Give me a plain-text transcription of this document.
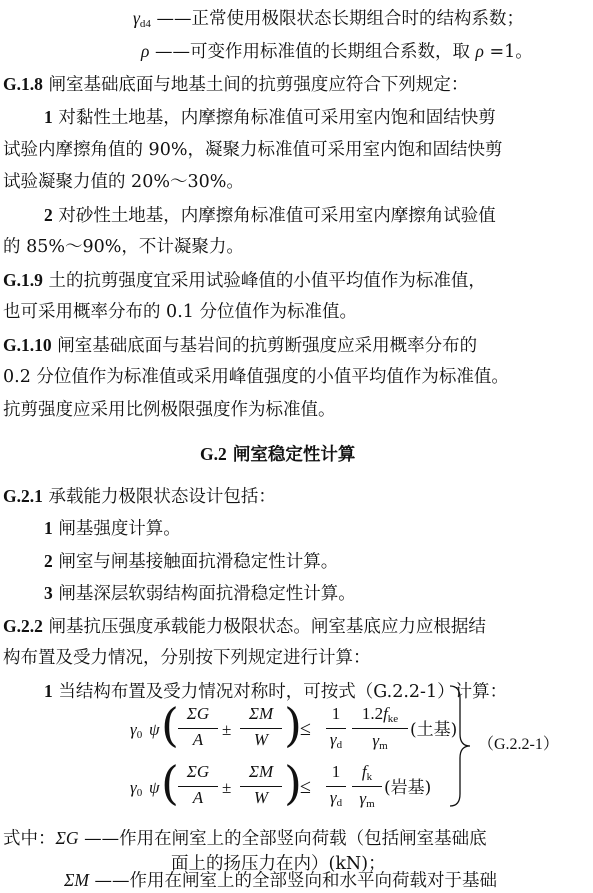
$\gamma_{d4}$ ——正常使用极限状态长期组合时的结构系数；
ρ ——可变作用标准值的长期组合系数，取 ρ =1。
G.1.8 闸室基础底面与地基土间的抗剪强度应符合下列规定：
1 对黏性土地基，内摩擦角标准值可采用室内饱和固结快剪
试验内摩擦角值的 90%，凝聚力标准值可采用室内饱和固结快剪
试验凝聚力值的 20%～30%。
2 对砂性土地基，内摩擦角标准值可采用室内摩擦角试验值
的 85%～90%，不计凝聚力。
G.1.9 土的抗剪强度宜采用试验峰值的小值平均值作为标准值，
也可采用概率分布的 0.1 分位值作为标准值。
G.1.10 闸室基础底面与基岩间的抗剪断强度应采用概率分布的
0.2 分位值作为标准值或采用峰值强度的小值平均值作为标准值。
抗剪强度应采用比例极限强度作为标准值。
G.2 闸室稳定性计算
G.2.1 承载能力极限状态设计包括：
1 闸基强度计算。
2 闸室与闸基接触面抗滑稳定性计算。
3 闸基深层软弱结构面抗滑稳定性计算。
G.2.2 闸基抗压强度承载能力极限状态。闸室基底应力应根据结
构布置及受力情况，分别按下列规定进行计算：
1 当结构布置及受力情况对称时，可按式（G.2.2-1）计算：
$\gamma_0$ ψ ( ΣG
A
±
ΣM
W )
≤
1
$\gamma_d$
$1.2f_{ke}$
$\gamma_m$
(土基)
$\gamma_0$ ψ ( ΣG
A
±
ΣM
W )
≤
1
$\gamma_d$
$f_k$
$\gamma_m$
(岩基)
（G.2.2-1）
式中：ΣG ——作用在闸室上的全部竖向荷载（包括闸室基础底
面上的扬压力在内）(kN)；
ΣM ——作用在闸室上的全部竖向和水平向荷载对于基础
